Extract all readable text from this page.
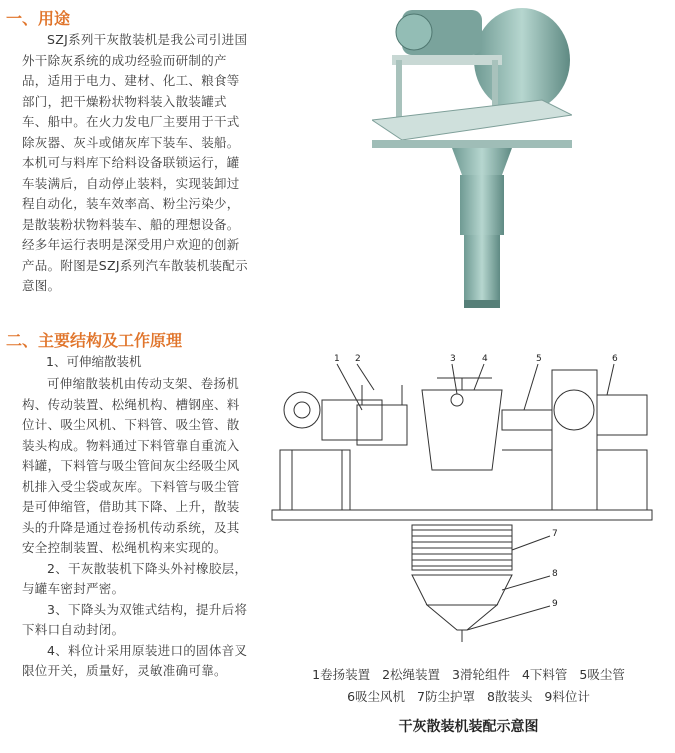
一、用途

SZJ系列干灰散装机是我公司引进国外干除灰系统的成功经验而研制的产品，适用于电力、建材、化工、粮食等部门，把干燥粉状物料装入散装罐式车、船中。在火力发电厂主要用于干式除灰器、灰斗或储灰库下装车、装船。本机可与料库下给料设备联锁运行，罐车装满后，自动停止装料，实现装卸过程自动化，装车效率高、粉尘污染少，是散装粉状物料装车、船的理想设备。经多年运行表明是深受用户欢迎的创新产品。附图是SZJ系列汽车散装机装配示意图。

二、主要结构及工作原理
1、可伸缩散装机

可伸缩散装机由传动支架、卷扬机构、传动装置、松绳机构、槽钢座、料位计、吸尘风机、下料管、吸尘管、散装头构成。物料通过下料管靠自重流入料罐，下料管与吸尘管间灰尘经吸尘风机排入受尘袋或灰库。下料管与吸尘管是可伸缩管，借助其下降、上升，散装头的升降是通过卷扬机传动系统，及其安全控制装置、松绳机构来实现的。

2、干灰散装机下降头外衬橡胶层，与罐车密封严密。

3、下降头为双锥式结构，提升后将下料口自动封闭。

4、料位计采用原装进口的固体音叉限位开关，质量好，灵敏准确可靠。

1 2	3	4	5	6
7
8
9
1卷扬装置 2松绳装置 3滑轮组件 4下料管 5吸尘管
6吸尘风机 7防尘护罩 8散装头 9料位计
干灰散装机装配示意图
